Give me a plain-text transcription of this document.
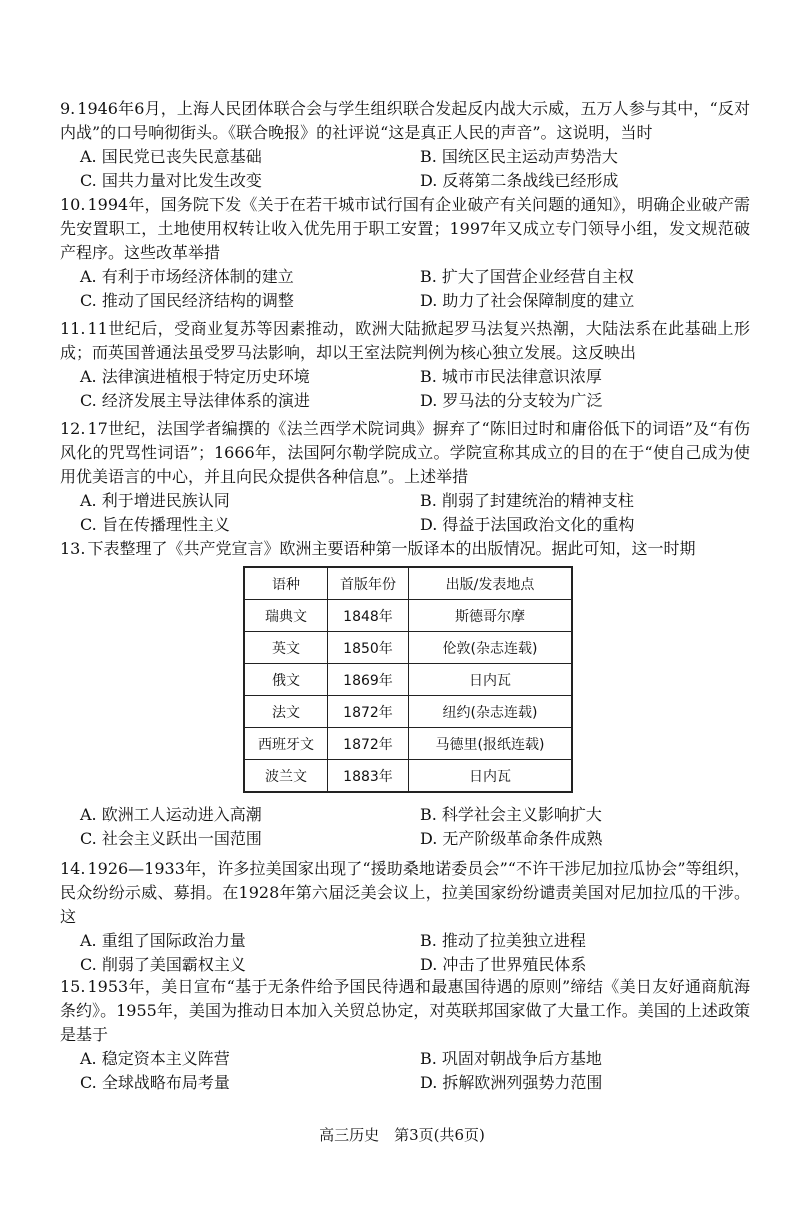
9. 1946年6月，上海人民团体联合会与学生组织联合发起反内战大示威，五万人参与其中，“反对内战”的口号响彻街头。《联合晚报》的社评说“这是真正人民的声音”。这说明，当时

A. 国民党已丧失民意基础	B. 国统区民主运动声势浩大
C. 国共力量对比发生改变	D. 反蒋第二条战线已经形成

10. 1994年，国务院下发《关于在若干城市试行国有企业破产有关问题的通知》，明确企业破产需先安置职工，土地使用权转让收入优先用于职工安置；1997年又成立专门领导小组，发文规范破产程序。这些改革举措

A. 有利于市场经济体制的建立	B. 扩大了国营企业经营自主权
C. 推动了国民经济结构的调整	D. 助力了社会保障制度的建立

11. 11世纪后，受商业复苏等因素推动，欧洲大陆掀起罗马法复兴热潮，大陆法系在此基础上形成；而英国普通法虽受罗马法影响，却以王室法院判例为核心独立发展。这反映出

A. 法律演进植根于特定历史环境	B. 城市市民法律意识浓厚
C. 经济发展主导法律体系的演进	D. 罗马法的分支较为广泛

12. 17世纪，法国学者编撰的《法兰西学术院词典》摒弃了“陈旧过时和庸俗低下的词语”及“有伤风化的咒骂性词语”；1666年，法国阿尔勒学院成立。学院宣称其成立的目的在于“使自己成为使用优美语言的中心，并且向民众提供各种信息”。上述举措

A. 利于增进民族认同	B. 削弱了封建统治的精神支柱
C. 旨在传播理性主义	D. 得益于法国政治文化的重构

13. 下表整理了《共产党宣言》欧洲主要语种第一版译本的出版情况。据此可知，这一时期

语种	首版年份	出版/发表地点
瑞典文	1848年	斯德哥尔摩
英文	1850年	伦敦(杂志连载)
俄文	1869年	日内瓦
法文	1872年	纽约(杂志连载)
西班牙文	1872年	马德里(报纸连载)
波兰文	1883年	日内瓦
A. 欧洲工人运动进入高潮	B. 科学社会主义影响扩大
C. 社会主义跃出一国范围	D. 无产阶级革命条件成熟

14. 1926—1933年，许多拉美国家出现了“援助桑地诺委员会”“不许干涉尼加拉瓜协会”等组织，民众纷纷示威、募捐。在1928年第六届泛美会议上，拉美国家纷纷谴责美国对尼加拉瓜的干涉。这

A. 重组了国际政治力量	B. 推动了拉美独立进程
C. 削弱了美国霸权主义	D. 冲击了世界殖民体系

15. 1953年，美日宣布“基于无条件给予国民待遇和最惠国待遇的原则”缔结《美日友好通商航海条约》。1955年，美国为推动日本加入关贸总协定，对英联邦国家做了大量工作。美国的上述政策是基于

A. 稳定资本主义阵营	B. 巩固对朝战争后方基地
C. 全球战略布局考量	D. 拆解欧洲列强势力范围
高三历史　第3页(共6页)
